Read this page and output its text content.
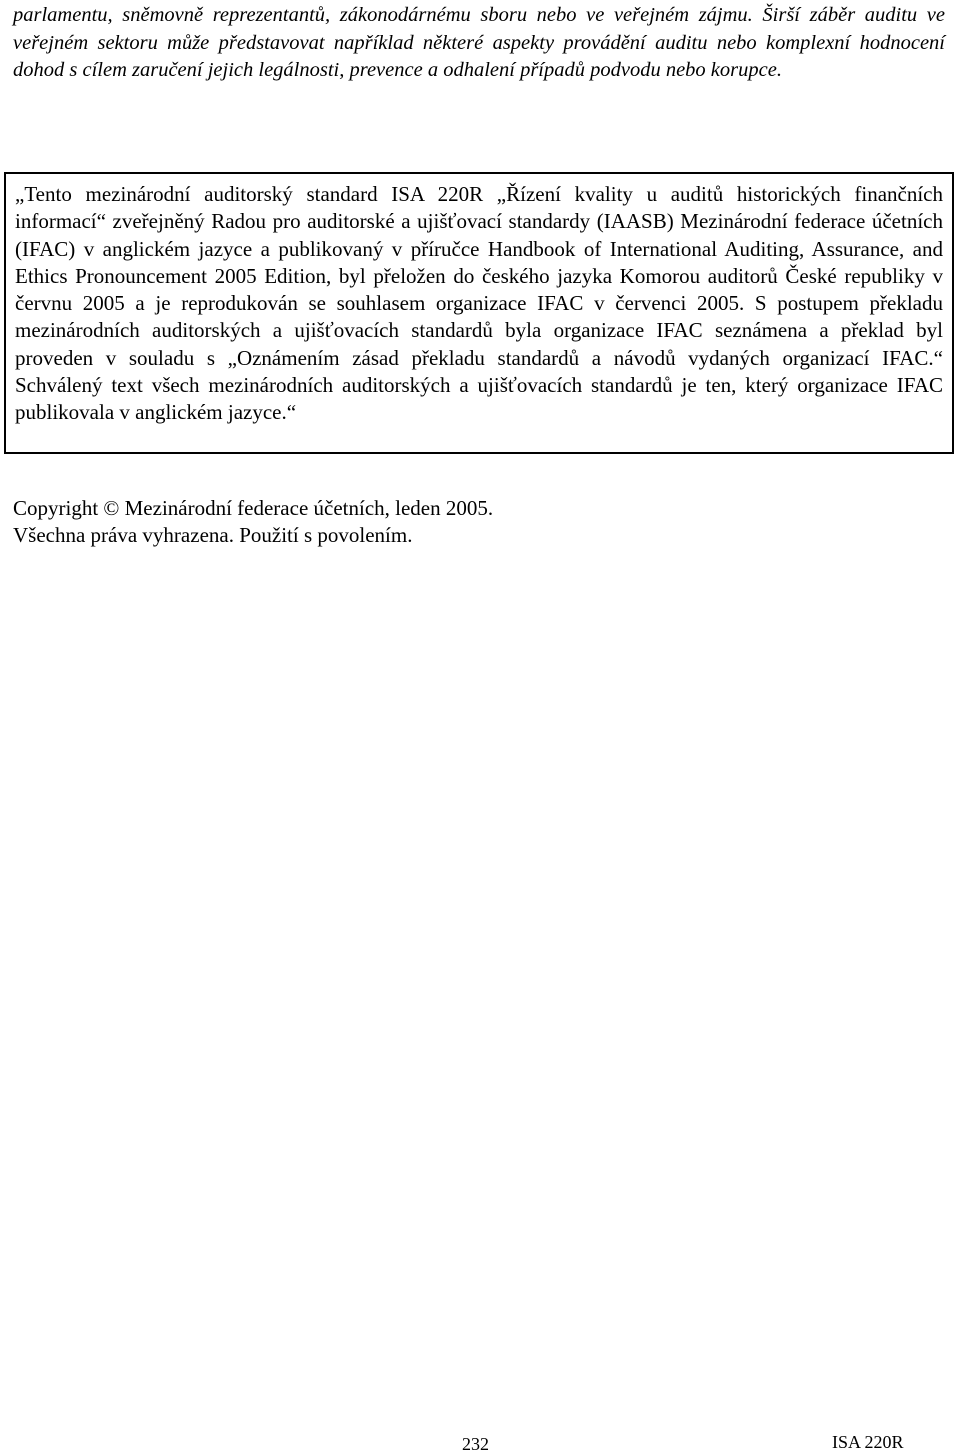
parlamentu, sněmovně reprezentantů, zákonodárnému sboru nebo ve veřejném zájmu. Širší záběr auditu ve veřejném sektoru může představovat například některé aspekty provádění auditu nebo komplexní hodnocení dohod s cílem zaručení jejich legálnosti, prevence a odhalení případů podvodu nebo korupce.

„Tento mezinárodní auditorský standard ISA 220R „Řízení kvality u auditů historických finančních informací“ zveřejněný Radou pro auditorské a ujišťovací standardy (IAASB) Mezinárodní federace účetních (IFAC) v anglickém jazyce a publikovaný v příručce Handbook of International Auditing, Assurance, and Ethics Pronouncement 2005 Edition, byl přeložen do českého jazyka Komorou auditorů České republiky v červnu 2005 a je reprodukován se souhlasem organizace IFAC v červenci 2005. S postupem překladu mezinárodních auditorských a ujišťovacích standardů byla organizace IFAC seznámena a překlad byl proveden v souladu s „Oznámením zásad překladu standardů a návodů vydaných organizací IFAC.“ Schválený text všech mezinárodních auditorských a ujišťovacích standardů je ten, který organizace IFAC publikovala v anglickém jazyce.“

Copyright © Mezinárodní federace účetních, leden 2005.
Všechna práva vyhrazena. Použití s povolením.
232	ISA 220R
